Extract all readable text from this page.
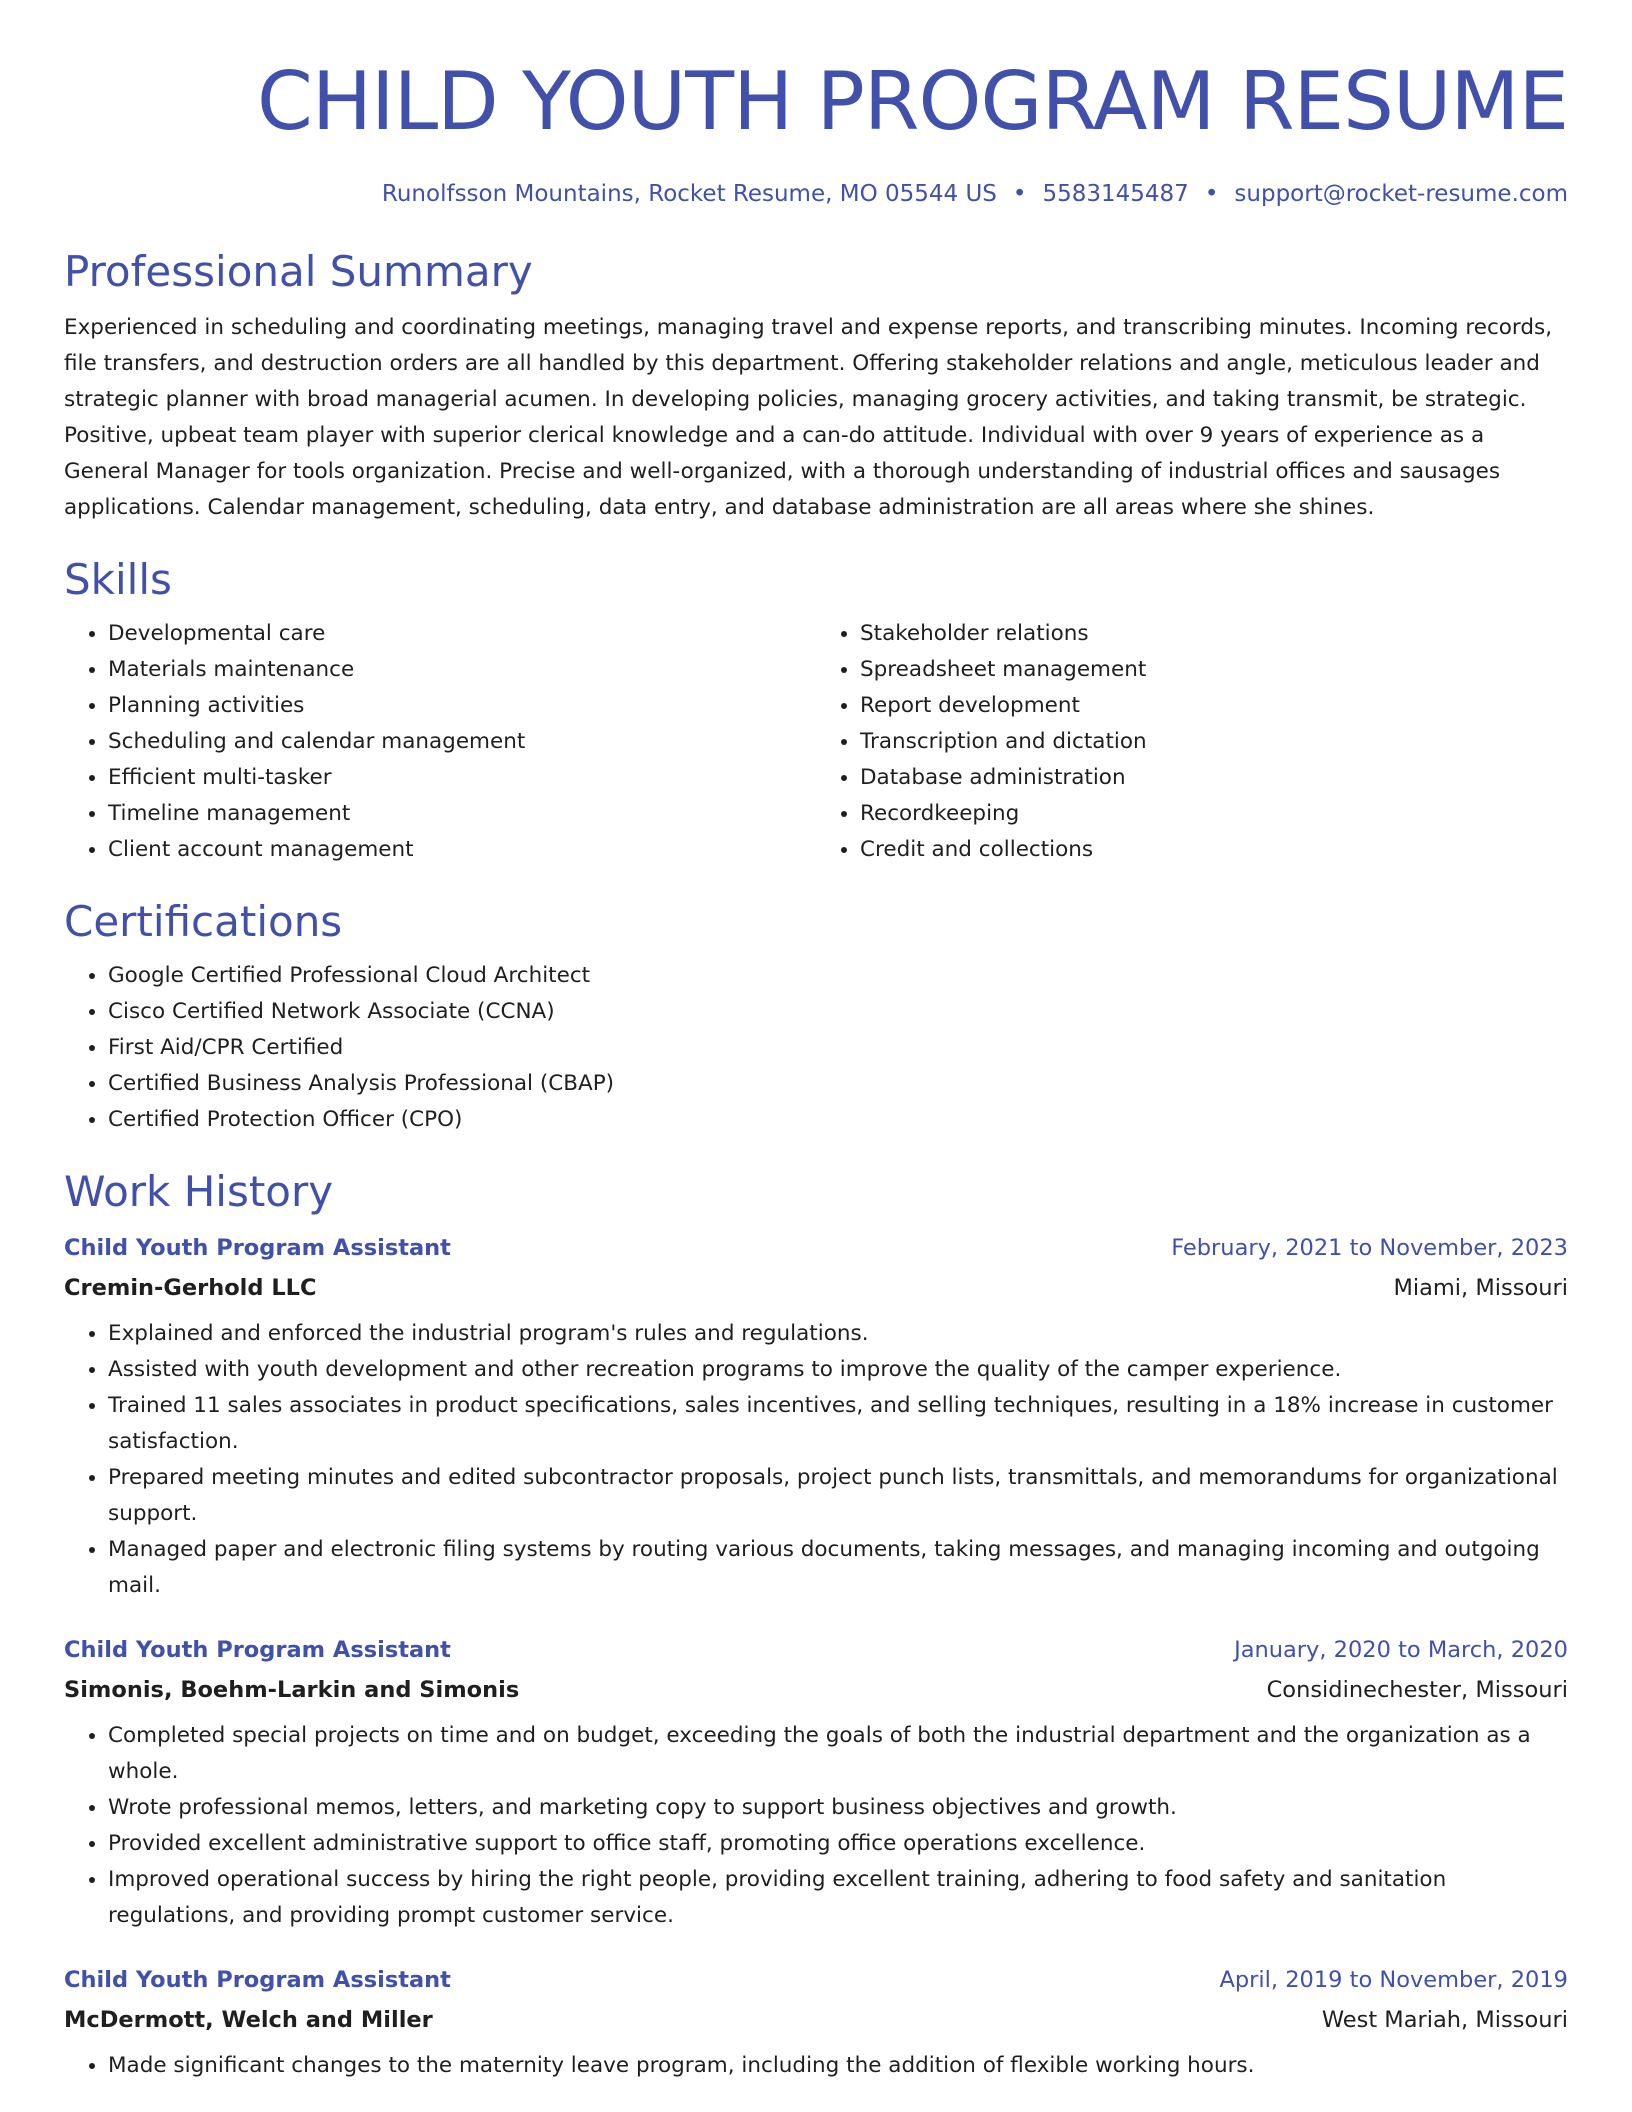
CHILD YOUTH PROGRAM RESUME
Runolfsson Mountains, Rocket Resume, MO 05544 US • 5583145487 • support@rocket-resume.com
Professional Summary

Experienced in scheduling and coordinating meetings, managing travel and expense reports, and transcribing minutes. Incoming records, file transfers, and destruction orders are all handled by this department. Offering stakeholder relations and angle, meticulous leader and strategic planner with broad managerial acumen. In developing policies, managing grocery activities, and taking transmit, be strategic. Positive, upbeat team player with superior clerical knowledge and a can-do attitude. Individual with over 9 years of experience as a General Manager for tools organization. Precise and well-organized, with a thorough understanding of industrial offices and sausages applications. Calendar management, scheduling, data entry, and database administration are all areas where she shines.

Skills
• Developmental care
• Materials maintenance
• Planning activities
• Scheduling and calendar management
• Efficient multi-tasker
• Timeline management
• Client account management
• Stakeholder relations
• Spreadsheet management
• Report development
• Transcription and dictation
• Database administration
• Recordkeeping
• Credit and collections
Certifications
• Google Certified Professional Cloud Architect
• Cisco Certified Network Associate (CCNA)
• First Aid/CPR Certified
• Certified Business Analysis Professional (CBAP)
• Certified Protection Officer (CPO)
Work History
Child Youth Program Assistant	February, 2021 to November, 2023
Cremin-Gerhold LLC	Miami, Missouri
• Explained and enforced the industrial program's rules and regulations.
• Assisted with youth development and other recreation programs to improve the quality of the camper experience.
• Trained 11 sales associates in product specifications, sales incentives, and selling techniques, resulting in a 18% increase in customer satisfaction.
• Prepared meeting minutes and edited subcontractor proposals, project punch lists, transmittals, and memorandums for organizational support.
• Managed paper and electronic filing systems by routing various documents, taking messages, and managing incoming and outgoing mail.
Child Youth Program Assistant	January, 2020 to March, 2020
Simonis, Boehm-Larkin and Simonis	Considinechester, Missouri
• Completed special projects on time and on budget, exceeding the goals of both the industrial department and the organization as a whole.
• Wrote professional memos, letters, and marketing copy to support business objectives and growth.
• Provided excellent administrative support to office staff, promoting office operations excellence.
• Improved operational success by hiring the right people, providing excellent training, adhering to food safety and sanitation regulations, and providing prompt customer service.
Child Youth Program Assistant	April, 2019 to November, 2019
McDermott, Welch and Miller	West Mariah, Missouri
• Made significant changes to the maternity leave program, including the addition of flexible working hours.
